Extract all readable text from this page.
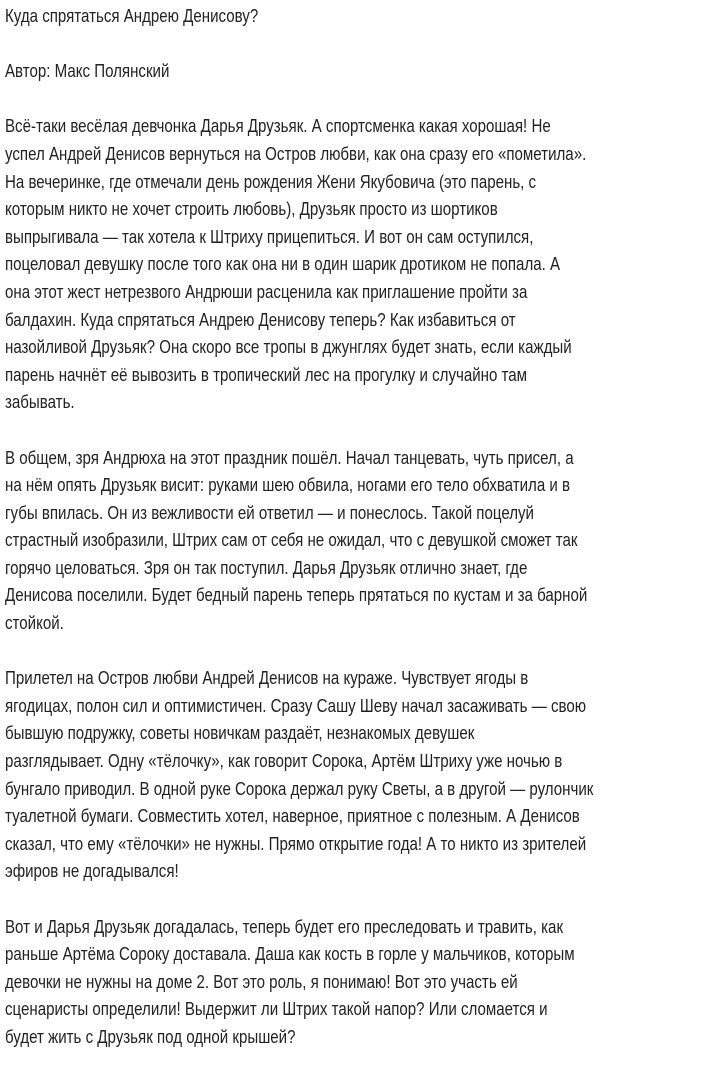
Куда спрятаться Андрею Денисову?

Автор: Макс Полянский

Всё-таки весёлая девчонка Дарья Друзьяк. А спортсменка какая хорошая! Не
успел Андрей Денисов вернуться на Остров любви, как она сразу его «пометила».
На вечеринке, где отмечали день рождения Жени Якубовича (это парень, с
которым никто не хочет строить любовь), Друзьяк просто из шортиков
выпрыгивала — так хотела к Штриху прицепиться. И вот он сам оступился,
поцеловал девушку после того как она ни в один шарик дротиком не попала. А
она этот жест нетрезвого Андрюши расценила как приглашение пройти за
балдахин. Куда спрятаться Андрею Денисову теперь? Как избавиться от
назойливой Друзьяк? Она скоро все тропы в джунглях будет знать, если каждый
парень начнёт её вывозить в тропический лес на прогулку и случайно там
забывать.

В общем, зря Андрюха на этот праздник пошёл. Начал танцевать, чуть присел, а
на нём опять Друзьяк висит: руками шею обвила, ногами его тело обхватила и в
губы впилась. Он из вежливости ей ответил — и понеслось. Такой поцелуй
страстный изобразили, Штрих сам от себя не ожидал, что с девушкой сможет так
горячо целоваться. Зря он так поступил. Дарья Друзьяк отлично знает, где
Денисова поселили. Будет бедный парень теперь прятаться по кустам и за барной
стойкой.

Прилетел на Остров любви Андрей Денисов на кураже. Чувствует ягоды в
ягодицах, полон сил и оптимистичен. Сразу Сашу Шеву начал засаживать — свою
бывшую подружку, советы новичкам раздаёт, незнакомых девушек
разглядывает. Одну «тёлочку», как говорит Сорока, Артём Штриху уже ночью в
бунгало приводил. В одной руке Сорока держал руку Светы, а в другой — рулончик
туалетной бумаги. Совместить хотел, наверное, приятное с полезным. А Денисов
сказал, что ему «тёлочки» не нужны. Прямо открытие года! А то никто из зрителей
эфиров не догадывался!

Вот и Дарья Друзьяк догадалась, теперь будет его преследовать и травить, как
раньше Артёма Сороку доставала. Даша как кость в горле у мальчиков, которым
девочки не нужны на доме 2. Вот это роль, я понимаю! Вот это участь ей
сценаристы определили! Выдержит ли Штрих такой напор? Или сломается и
будет жить с Друзьяк под одной крышей?
